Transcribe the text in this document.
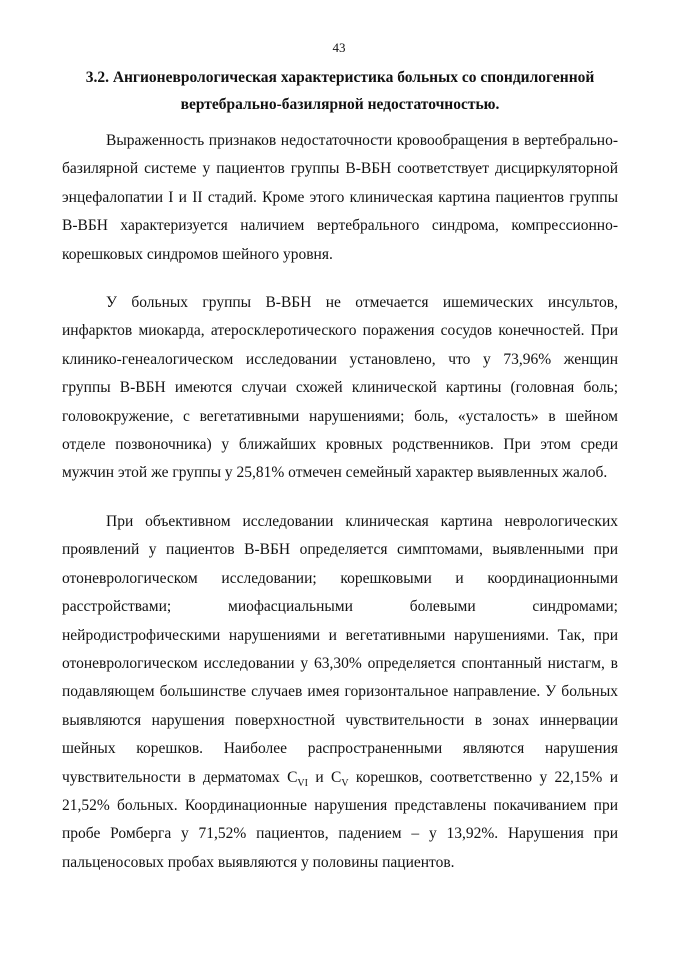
43
3.2. Ангионеврологическая характеристика больных со спондилогенной
вертебрально-базилярной недостаточностью.

Выраженность признаков недостаточности кровообращения в вертебрально-базилярной системе у пациентов группы В-ВБН соответствует дисциркуляторной энцефалопатии I и II стадий. Кроме этого клиническая картина пациентов группы В-ВБН характеризуется наличием вертебрального синдрома, компрессионно-корешковых синдромов шейного уровня.

У больных группы В-ВБН не отмечается ишемических инсультов, инфарктов миокарда, атеросклеротического поражения сосудов конечностей. При клинико-генеалогическом исследовании установлено, что у 73,96% женщин группы В-ВБН имеются случаи схожей клинической картины (головная боль; головокружение, с вегетативными нарушениями; боль, «усталость» в шейном отделе позвоночника) у ближайших кровных родственников. При этом среди мужчин этой же группы у 25,81% отмечен семейный характер выявленных жалоб.

При объективном исследовании клиническая картина неврологических проявлений у пациентов В-ВБН определяется симптомами, выявленными при отоневрологическом исследовании; корешковыми и координационными расстройствами; миофасциальными болевыми синдромами; нейродистрофическими нарушениями и вегетативными нарушениями. Так, при отоневрологическом исследовании у 63,30% определяется спонтанный нистагм, в подавляющем большинстве случаев имея горизонтальное направление. У больных выявляются нарушения поверхностной чувствительности в зонах иннервации шейных корешков. Наиболее распространенными являются нарушения чувствительности в дерматомах $C_{VI}$ и $C_V$ корешков, соответственно у 22,15% и 21,52% больных. Координационные нарушения представлены покачиванием при пробе Ромберга у 71,52% пациентов, падением – у 13,92%. Нарушения при пальценосовых пробах выявляются у половины пациентов.
